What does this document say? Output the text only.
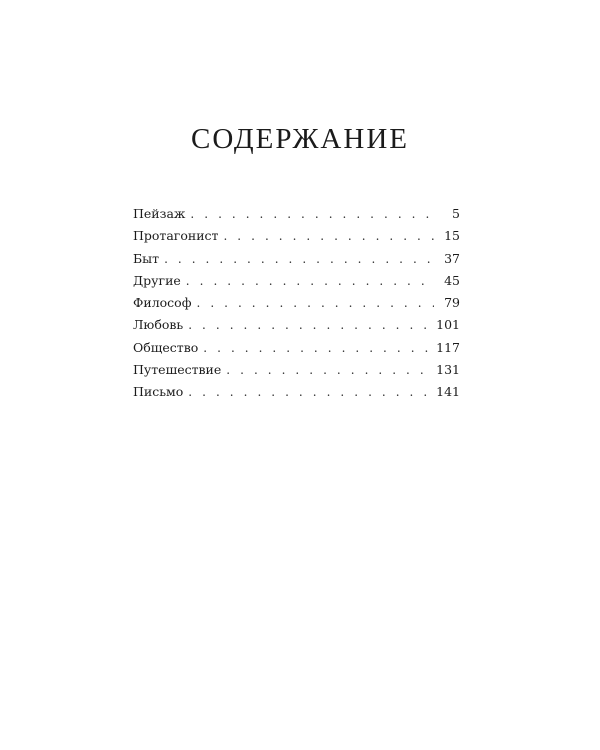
СОДЕРЖАНИЕ
Пейзаж . . .	5
Протагонист . . .	15
Быт . . .	37
Другие . . .	45
Философ . . .	79
Любовь . . .	101
Общество . . .	117
Путешествие . . .	131
Письмо . . .	141
